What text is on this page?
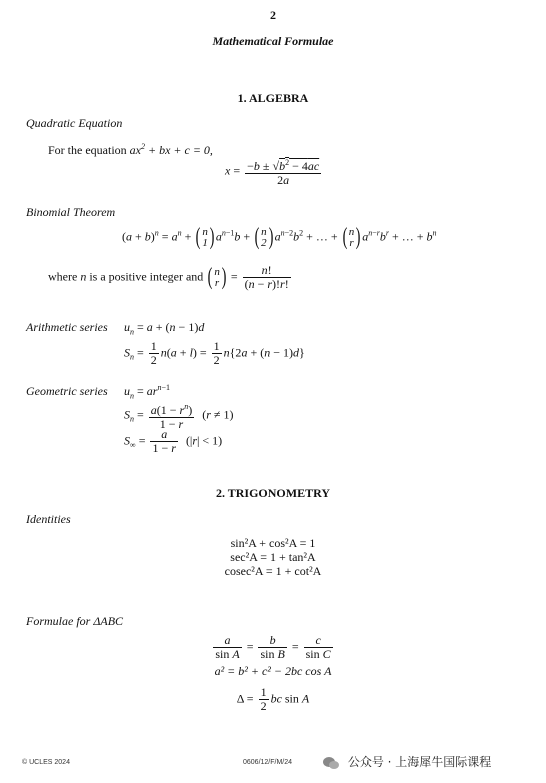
2
Mathematical Formulae
1. ALGEBRA
Quadratic Equation
For the equation $ax^2$ + bx + c = 0,
$x = \frac{-b \pm √b^2 - 4ac}{2a}$
Binomial Theorem
$(a + b)^n = a^n$ + ( n
1) $a^{n-1}b$ + ( n
2) $a^{n-2}b^2$ + … + ( n
r) $a^{n-r}b^r$ + … + $b^n$
where n is a positive integer and ( n
$r) = \frac{n!}{(n - r)!r!}$
Arithmetic series $u_n = a + (n - 1)d$
$S_n = \frac{1}{2} n(a + l) = \frac{1}{2} n\{2a + (n - 1)d\}$
Geometric series $u_n = ar^{n-1}$
$S_n = \frac{a(1 - r^n)}{1 - r} (r \ne 1)$
$S_\infty = \frac{a}{1 - r} (|r| < 1)$
2. TRIGONOMETRY
Identities
sin²A + cos²A = 1
sec²A = 1 + tan²A
cosec²A = 1 + cot²A
Formulae for ΔABC
$\frac{a}{\text{sin A}} = \frac{b}{\text{sin B}} = \frac{c}{\text{sin C}}$
a² = b² + c² − 2bc cos A
$\Delta = \frac{1}{2}$ bc sin A
© UCLES 2024	0606/12/F/M/24	公众号 · 上海犀牛国际课程
